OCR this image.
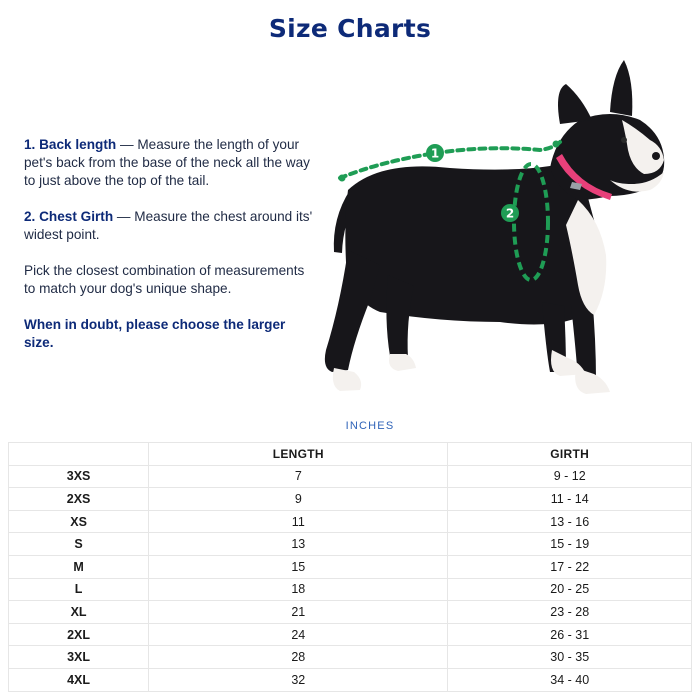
Size Charts

1. Back length — Measure the length of your pet's back from the base of the neck all the way to just above the top of the tail.

2. Chest Girth — Measure the chest around its' widest point.

Pick the closest combination of measurements to match your dog's unique shape.

When in doubt, please choose the larger size.

1
2
INCHES
	LENGTH	GIRTH
3XS	7	9 - 12
2XS	9	11 - 14
XS	11	13 - 16
S	13	15 - 19
M	15	17 - 22
L	18	20 - 25
XL	21	23 - 28
2XL	24	26 - 31
3XL	28	30 - 35
4XL	32	34 - 40
